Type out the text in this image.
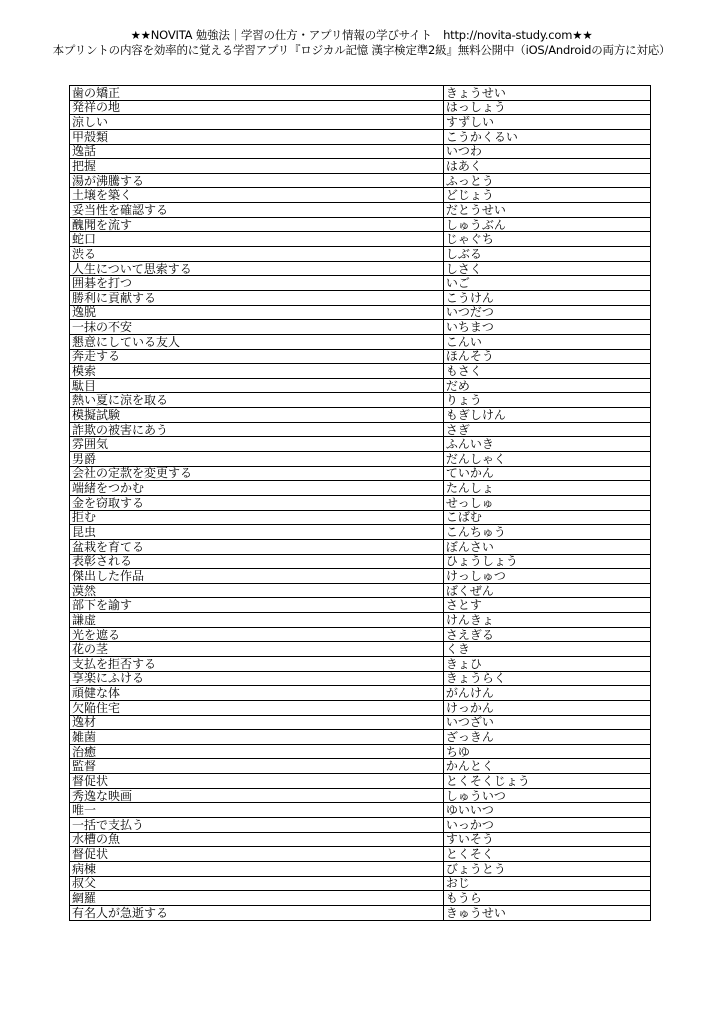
★★NOVITA 勉強法｜学習の仕方・アプリ情報の学びサイト　http://novita-study.com★★
本プリントの内容を効率的に覚える学習アプリ『ロジカル記憶 漢字検定準2級』無料公開中（iOS/Androidの両方に対応）
歯の矯正	きょうせい
発祥の地	はっしょう
涼しい	すずしい
甲殻類	こうかくるい
逸話	いつわ
把握	はあく
湯が沸騰する	ふっとう
土壌を築く	どじょう
妥当性を確認する	だとうせい
醜聞を流す	しゅうぶん
蛇口	じゃぐち
渋る	しぶる
人生について思索する	しさく
囲碁を打つ	いご
勝利に貢献する	こうけん
逸脱	いつだつ
一抹の不安	いちまつ
懇意にしている友人	こんい
奔走する	ほんそう
模索	もさく
駄目	だめ
熱い夏に涼を取る	りょう
模擬試験	もぎしけん
詐欺の被害にあう	さぎ
雰囲気	ふんいき
男爵	だんしゃく
会社の定款を変更する	ていかん
端緒をつかむ	たんしょ
金を窃取する	せっしゅ
拒む	こばむ
昆虫	こんちゅう
盆栽を育てる	ぼんさい
表彰される	ひょうしょう
傑出した作品	けっしゅつ
漠然	ばくぜん
部下を諭す	さとす
謙虚	けんきょ
光を遮る	さえぎる
花の茎	くき
支払を拒否する	きょひ
享楽にふける	きょうらく
頑健な体	がんけん
欠陥住宅	けっかん
逸材	いつざい
雑菌	ざっきん
治癒	ちゆ
監督	かんとく
督促状	とくそくじょう
秀逸な映画	しゅういつ
唯一	ゆいいつ
一括で支払う	いっかつ
水槽の魚	すいそう
督促状	とくそく
病棟	びょうとう
叔父	おじ
網羅	もうら
有名人が急逝する	きゅうせい
